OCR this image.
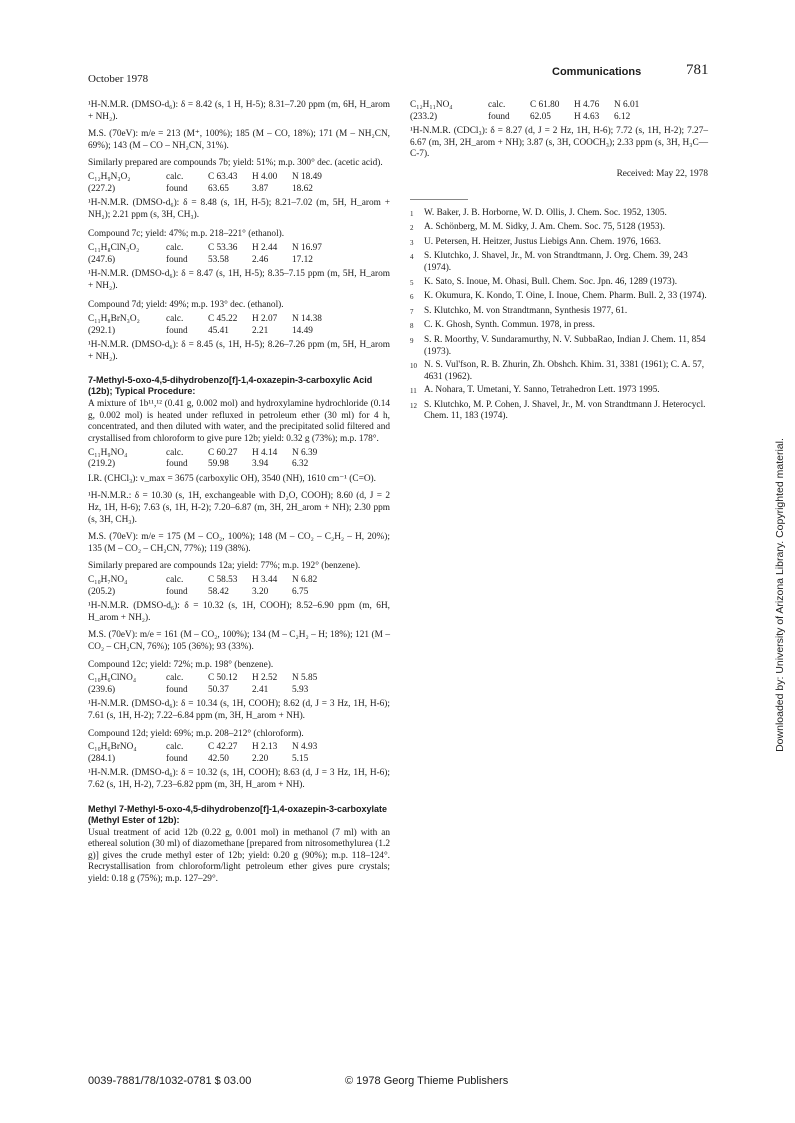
October 1978
Communications	781

¹H-N.M.R. (DMSO-d₆): δ = 8.42 (s, 1 H, H-5); 8.31–7.20 ppm (m, 6H, H_arom + NH₂).

M.S. (70eV): m/e = 213 (M⁺, 100%); 185 (M – CO, 18%); 171 (M – NH₂CN, 69%); 143 (M – CO – NH₂CN, 31%).

Similarly prepared are compounds 7b; yield: 51%; m.p. 300° dec. (acetic acid).

C₁₂H₉N₃O₂	calc.	C 63.43	H 4.00	N 18.49
(227.2)	found	63.65	3.87	18.62

¹H-N.M.R. (DMSO-d₆): δ = 8.48 (s, 1H, H-5); 8.21–7.02 (m, 5H, H_arom + NH₂); 2.21 ppm (s, 3H, CH₃).

Compound 7c; yield: 47%; m.p. 218–221° (ethanol).

C₁₁H₈ClN₃O₂	calc.	C 53.36	H 2.44	N 16.97
(247.6)	found	53.58	2.46	17.12

¹H-N.M.R. (DMSO-d₆): δ = 8.47 (s, 1H, H-5); 8.35–7.15 ppm (m, 5H, H_arom + NH₂).

Compound 7d; yield: 49%; m.p. 193° dec. (ethanol).

C₁₁H₈BrN₃O₂	calc.	C 45.22	H 2.07	N 14.38
(292.1)	found	45.41	2.21	14.49

¹H-N.M.R. (DMSO-d₆): δ = 8.45 (s, 1H, H-5); 8.26–7.26 ppm (m, 5H, H_arom + NH₂).

7-Methyl-5-oxo-4,5-dihydrobenzo[f]-1,4-oxazepin-3-carboxylic Acid (12b); Typical Procedure:

A mixture of 1b¹¹,¹² (0.41 g, 0.002 mol) and hydroxylamine hydrochloride (0.14 g, 0.002 mol) is heated under refluxed in petroleum ether (30 ml) for 4 h, concentrated, and then diluted with water, and the precipitated solid filtered and crystallised from chloroform to give pure 12b; yield: 0.32 g (73%); m.p. 178°.

C₁₁H₉NO₄	calc.	C 60.27	H 4.14	N 6.39
(219.2)	found	59.98	3.94	6.32

I.R. (CHCl₃): ν_max = 3675 (carboxylic OH), 3540 (NH), 1610 cm⁻¹ (C=O).

¹H-N.M.R.: δ = 10.30 (s, 1H, exchangeable with D₂O, COOH); 8.60 (d, J = 2 Hz, 1H, H-6); 7.63 (s, 1H, H-2); 7.20–6.87 (m, 3H, 2H_arom + NH); 2.30 ppm (s, 3H, CH₃).

M.S. (70eV): m/e = 175 (M – CO₂, 100%); 148 (M – CO₂ – C₂H₂ – H, 20%); 135 (M – CO₂ – CH₂CN, 77%); 119 (38%).

Similarly prepared are compounds 12a; yield: 77%; m.p. 192° (benzene).

C₁₀H₇NO₄	calc.	C 58.53	H 3.44	N 6.82
(205.2)	found	58.42	3.20	6.75

¹H-N.M.R. (DMSO-d₆): δ = 10.32 (s, 1H, COOH); 8.52–6.90 ppm (m, 6H, H_arom + NH₂).

M.S. (70eV): m/e = 161 (M – CO₂, 100%); 134 (M – C₂H₂ – H; 18%); 121 (M – CO₂ – CH₂CN, 76%); 105 (36%); 93 (33%).

Compound 12c; yield: 72%; m.p. 198° (benzene).

C₁₀H₆ClNO₄	calc.	C 50.12	H 2.52	N 5.85
(239.6)	found	50.37	2.41	5.93

¹H-N.M.R. (DMSO-d₆): δ = 10.34 (s, 1H, COOH); 8.62 (d, J = 3 Hz, 1H, H-6); 7.61 (s, 1H, H-2); 7.22–6.84 ppm (m, 3H, H_arom + NH).

Compound 12d; yield: 69%; m.p. 208–212° (chloroform).

C₁₀H₆BrNO₄	calc.	C 42.27	H 2.13	N 4.93
(284.1)	found	42.50	2.20	5.15

¹H-N.M.R. (DMSO-d₆): δ = 10.32 (s, 1H, COOH); 8.63 (d, J = 3 Hz, 1H, H-6); 7.62 (s, 1H, H-2), 7.23–6.82 ppm (m, 3H, H_arom + NH).

Methyl 7-Methyl-5-oxo-4,5-dihydrobenzo[f]-1,4-oxazepin-3-carboxylate (Methyl Ester of 12b):

Usual treatment of acid 12b (0.22 g, 0.001 mol) in methanol (7 ml) with an ethereal solution (30 ml) of diazomethane [prepared from nitrosomethylurea (1.2 g)] gives the crude methyl ester of 12b; yield: 0.20 g (90%); m.p. 118–124°. Recrystallisation from chloroform/light petroleum ether gives pure crystals; yield: 0.18 g (75%); m.p. 127–29°.

C₁₂H₁₁NO₄	calc.	C 61.80	H 4.76	N 6.01
(233.2)	found	62.05	H 4.63	6.12

¹H-N.M.R. (CDCl₃): δ = 8.27 (d, J = 2 Hz, 1H, H-6); 7.72 (s, 1H, H-2); 7.27–6.67 (m, 3H, 2H_arom + NH); 3.87 (s, 3H, COOCH₃); 2.33 ppm (s, 3H, H₃C—C-7).

Received: May 22, 1978
1	W. Baker, J. B. Horborne, W. D. Ollis, J. Chem. Soc. 1952, 1305.
2	A. Schönberg, M. M. Sidky, J. Am. Chem. Soc. 75, 5128 (1953).
3	U. Petersen, H. Heitzer, Justus Liebigs Ann. Chem. 1976, 1663.
4	S. Klutchko, J. Shavel, Jr., M. von Strandtmann, J. Org. Chem. 39, 243 (1974).
5	K. Sato, S. Inoue, M. Ohasi, Bull. Chem. Soc. Jpn. 46, 1289 (1973).
6	K. Okumura, K. Kondo, T. Oine, I. Inoue, Chem. Pharm. Bull. 2, 33 (1974).
7	S. Klutchko, M. von Strandtmann, Synthesis 1977, 61.
8	C. K. Ghosh, Synth. Commun. 1978, in press.
9	S. R. Moorthy, V. Sundaramurthy, N. V. SubbaRao, Indian J. Chem. 11, 854 (1973).
10 N. S. Vul'fson, R. B. Zhurin, Zh. Obshch. Khim. 31, 3381 (1961); C. A. 57, 4631 (1962).
11 A. Nohara, T. Umetani, Y. Sanno, Tetrahedron Lett. 1973 1995.
12 S. Klutchko, M. P. Cohen, J. Shavel, Jr., M. von Strandtmann J. Heterocycl. Chem. 11, 183 (1974).
0039-7881/78/1032-0781 $ 03.00	© 1978 Georg Thieme Publishers
Downloaded by: University of Arizona Library. Copyrighted material.
